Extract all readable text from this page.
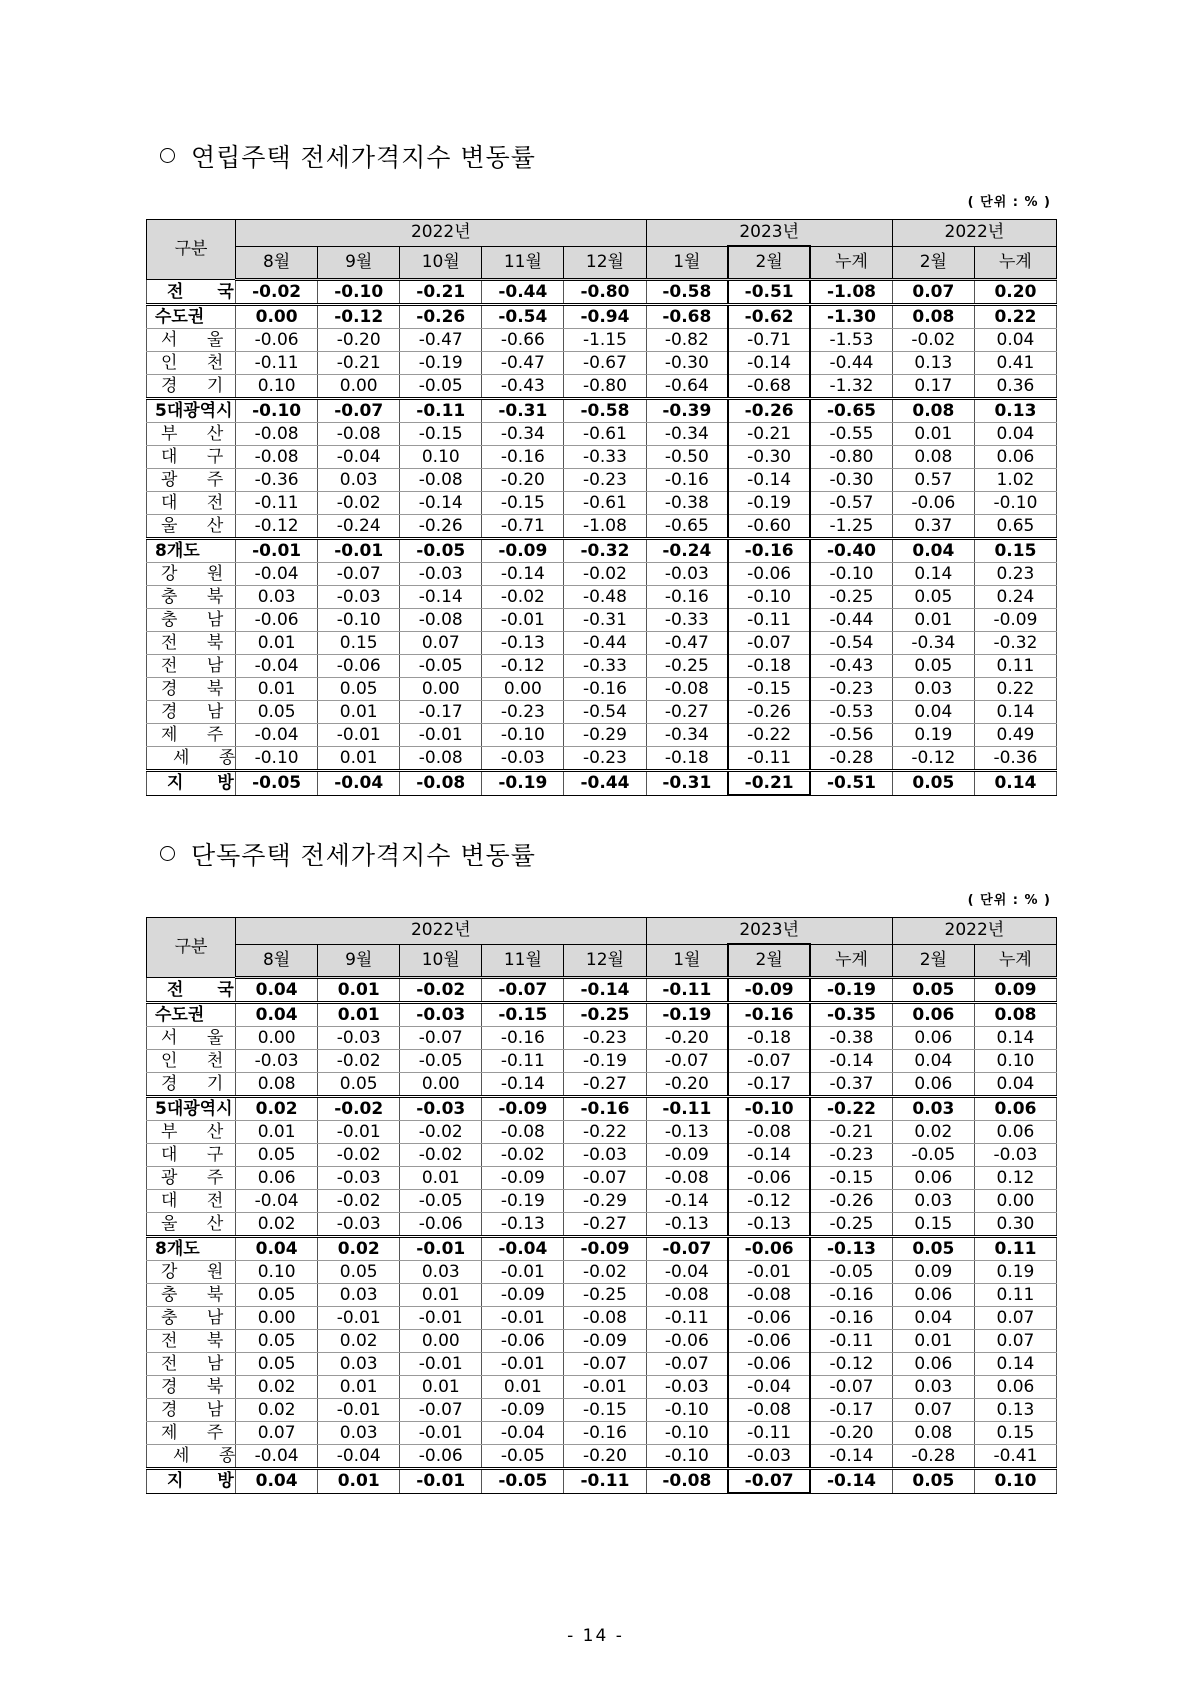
연립주택 전세가격지수 변동률
( 단위 : % )
구분	2022년					2023년			2022년	
	8월	9월	10월	11월	12월	1월	2월	누계	2월	누계
전 국	-0.02	-0.10	-0.21	-0.44	-0.80	-0.58	-0.51	-1.08	0.07	0.20
수도권	0.00	-0.12	-0.26	-0.54	-0.94	-0.68	-0.62	-1.30	0.08	0.22
서 울	-0.06	-0.20	-0.47	-0.66	-1.15	-0.82	-0.71	-1.53	-0.02	0.04
인 천	-0.11	-0.21	-0.19	-0.47	-0.67	-0.30	-0.14	-0.44	0.13	0.41
경 기	0.10	0.00	-0.05	-0.43	-0.80	-0.64	-0.68	-1.32	0.17	0.36
5대광역시	-0.10	-0.07	-0.11	-0.31	-0.58	-0.39	-0.26	-0.65	0.08	0.13
부 산	-0.08	-0.08	-0.15	-0.34	-0.61	-0.34	-0.21	-0.55	0.01	0.04
대 구	-0.08	-0.04	0.10	-0.16	-0.33	-0.50	-0.30	-0.80	0.08	0.06
광 주	-0.36	0.03	-0.08	-0.20	-0.23	-0.16	-0.14	-0.30	0.57	1.02
대 전	-0.11	-0.02	-0.14	-0.15	-0.61	-0.38	-0.19	-0.57	-0.06	-0.10
울 산	-0.12	-0.24	-0.26	-0.71	-1.08	-0.65	-0.60	-1.25	0.37	0.65
8개도	-0.01	-0.01	-0.05	-0.09	-0.32	-0.24	-0.16	-0.40	0.04	0.15
강 원	-0.04	-0.07	-0.03	-0.14	-0.02	-0.03	-0.06	-0.10	0.14	0.23
충 북	0.03	-0.03	-0.14	-0.02	-0.48	-0.16	-0.10	-0.25	0.05	0.24
충 남	-0.06	-0.10	-0.08	-0.01	-0.31	-0.33	-0.11	-0.44	0.01	-0.09
전 북	0.01	0.15	0.07	-0.13	-0.44	-0.47	-0.07	-0.54	-0.34	-0.32
전 남	-0.04	-0.06	-0.05	-0.12	-0.33	-0.25	-0.18	-0.43	0.05	0.11
경 북	0.01	0.05	0.00	0.00	-0.16	-0.08	-0.15	-0.23	0.03	0.22
경 남	0.05	0.01	-0.17	-0.23	-0.54	-0.27	-0.26	-0.53	0.04	0.14
제 주	-0.04	-0.01	-0.01	-0.10	-0.29	-0.34	-0.22	-0.56	0.19	0.49
세 종	-0.10	0.01	-0.08	-0.03	-0.23	-0.18	-0.11	-0.28	-0.12	-0.36
지 방	-0.05	-0.04	-0.08	-0.19	-0.44	-0.31	-0.21	-0.51	0.05	0.14
단독주택 전세가격지수 변동률
( 단위 : % )
구분	2022년					2023년			2022년	
	8월	9월	10월	11월	12월	1월	2월	누계	2월	누계
전 국	0.04	0.01	-0.02	-0.07	-0.14	-0.11	-0.09	-0.19	0.05	0.09
수도권	0.04	0.01	-0.03	-0.15	-0.25	-0.19	-0.16	-0.35	0.06	0.08
서 울	0.00	-0.03	-0.07	-0.16	-0.23	-0.20	-0.18	-0.38	0.06	0.14
인 천	-0.03	-0.02	-0.05	-0.11	-0.19	-0.07	-0.07	-0.14	0.04	0.10
경 기	0.08	0.05	0.00	-0.14	-0.27	-0.20	-0.17	-0.37	0.06	0.04
5대광역시	0.02	-0.02	-0.03	-0.09	-0.16	-0.11	-0.10	-0.22	0.03	0.06
부 산	0.01	-0.01	-0.02	-0.08	-0.22	-0.13	-0.08	-0.21	0.02	0.06
대 구	0.05	-0.02	-0.02	-0.02	-0.03	-0.09	-0.14	-0.23	-0.05	-0.03
광 주	0.06	-0.03	0.01	-0.09	-0.07	-0.08	-0.06	-0.15	0.06	0.12
대 전	-0.04	-0.02	-0.05	-0.19	-0.29	-0.14	-0.12	-0.26	0.03	0.00
울 산	0.02	-0.03	-0.06	-0.13	-0.27	-0.13	-0.13	-0.25	0.15	0.30
8개도	0.04	0.02	-0.01	-0.04	-0.09	-0.07	-0.06	-0.13	0.05	0.11
강 원	0.10	0.05	0.03	-0.01	-0.02	-0.04	-0.01	-0.05	0.09	0.19
충 북	0.05	0.03	0.01	-0.09	-0.25	-0.08	-0.08	-0.16	0.06	0.11
충 남	0.00	-0.01	-0.01	-0.01	-0.08	-0.11	-0.06	-0.16	0.04	0.07
전 북	0.05	0.02	0.00	-0.06	-0.09	-0.06	-0.06	-0.11	0.01	0.07
전 남	0.05	0.03	-0.01	-0.01	-0.07	-0.07	-0.06	-0.12	0.06	0.14
경 북	0.02	0.01	0.01	0.01	-0.01	-0.03	-0.04	-0.07	0.03	0.06
경 남	0.02	-0.01	-0.07	-0.09	-0.15	-0.10	-0.08	-0.17	0.07	0.13
제 주	0.07	0.03	-0.01	-0.04	-0.16	-0.10	-0.11	-0.20	0.08	0.15
세 종	-0.04	-0.04	-0.06	-0.05	-0.20	-0.10	-0.03	-0.14	-0.28	-0.41
지 방	0.04	0.01	-0.01	-0.05	-0.11	-0.08	-0.07	-0.14	0.05	0.10
- 14 -
